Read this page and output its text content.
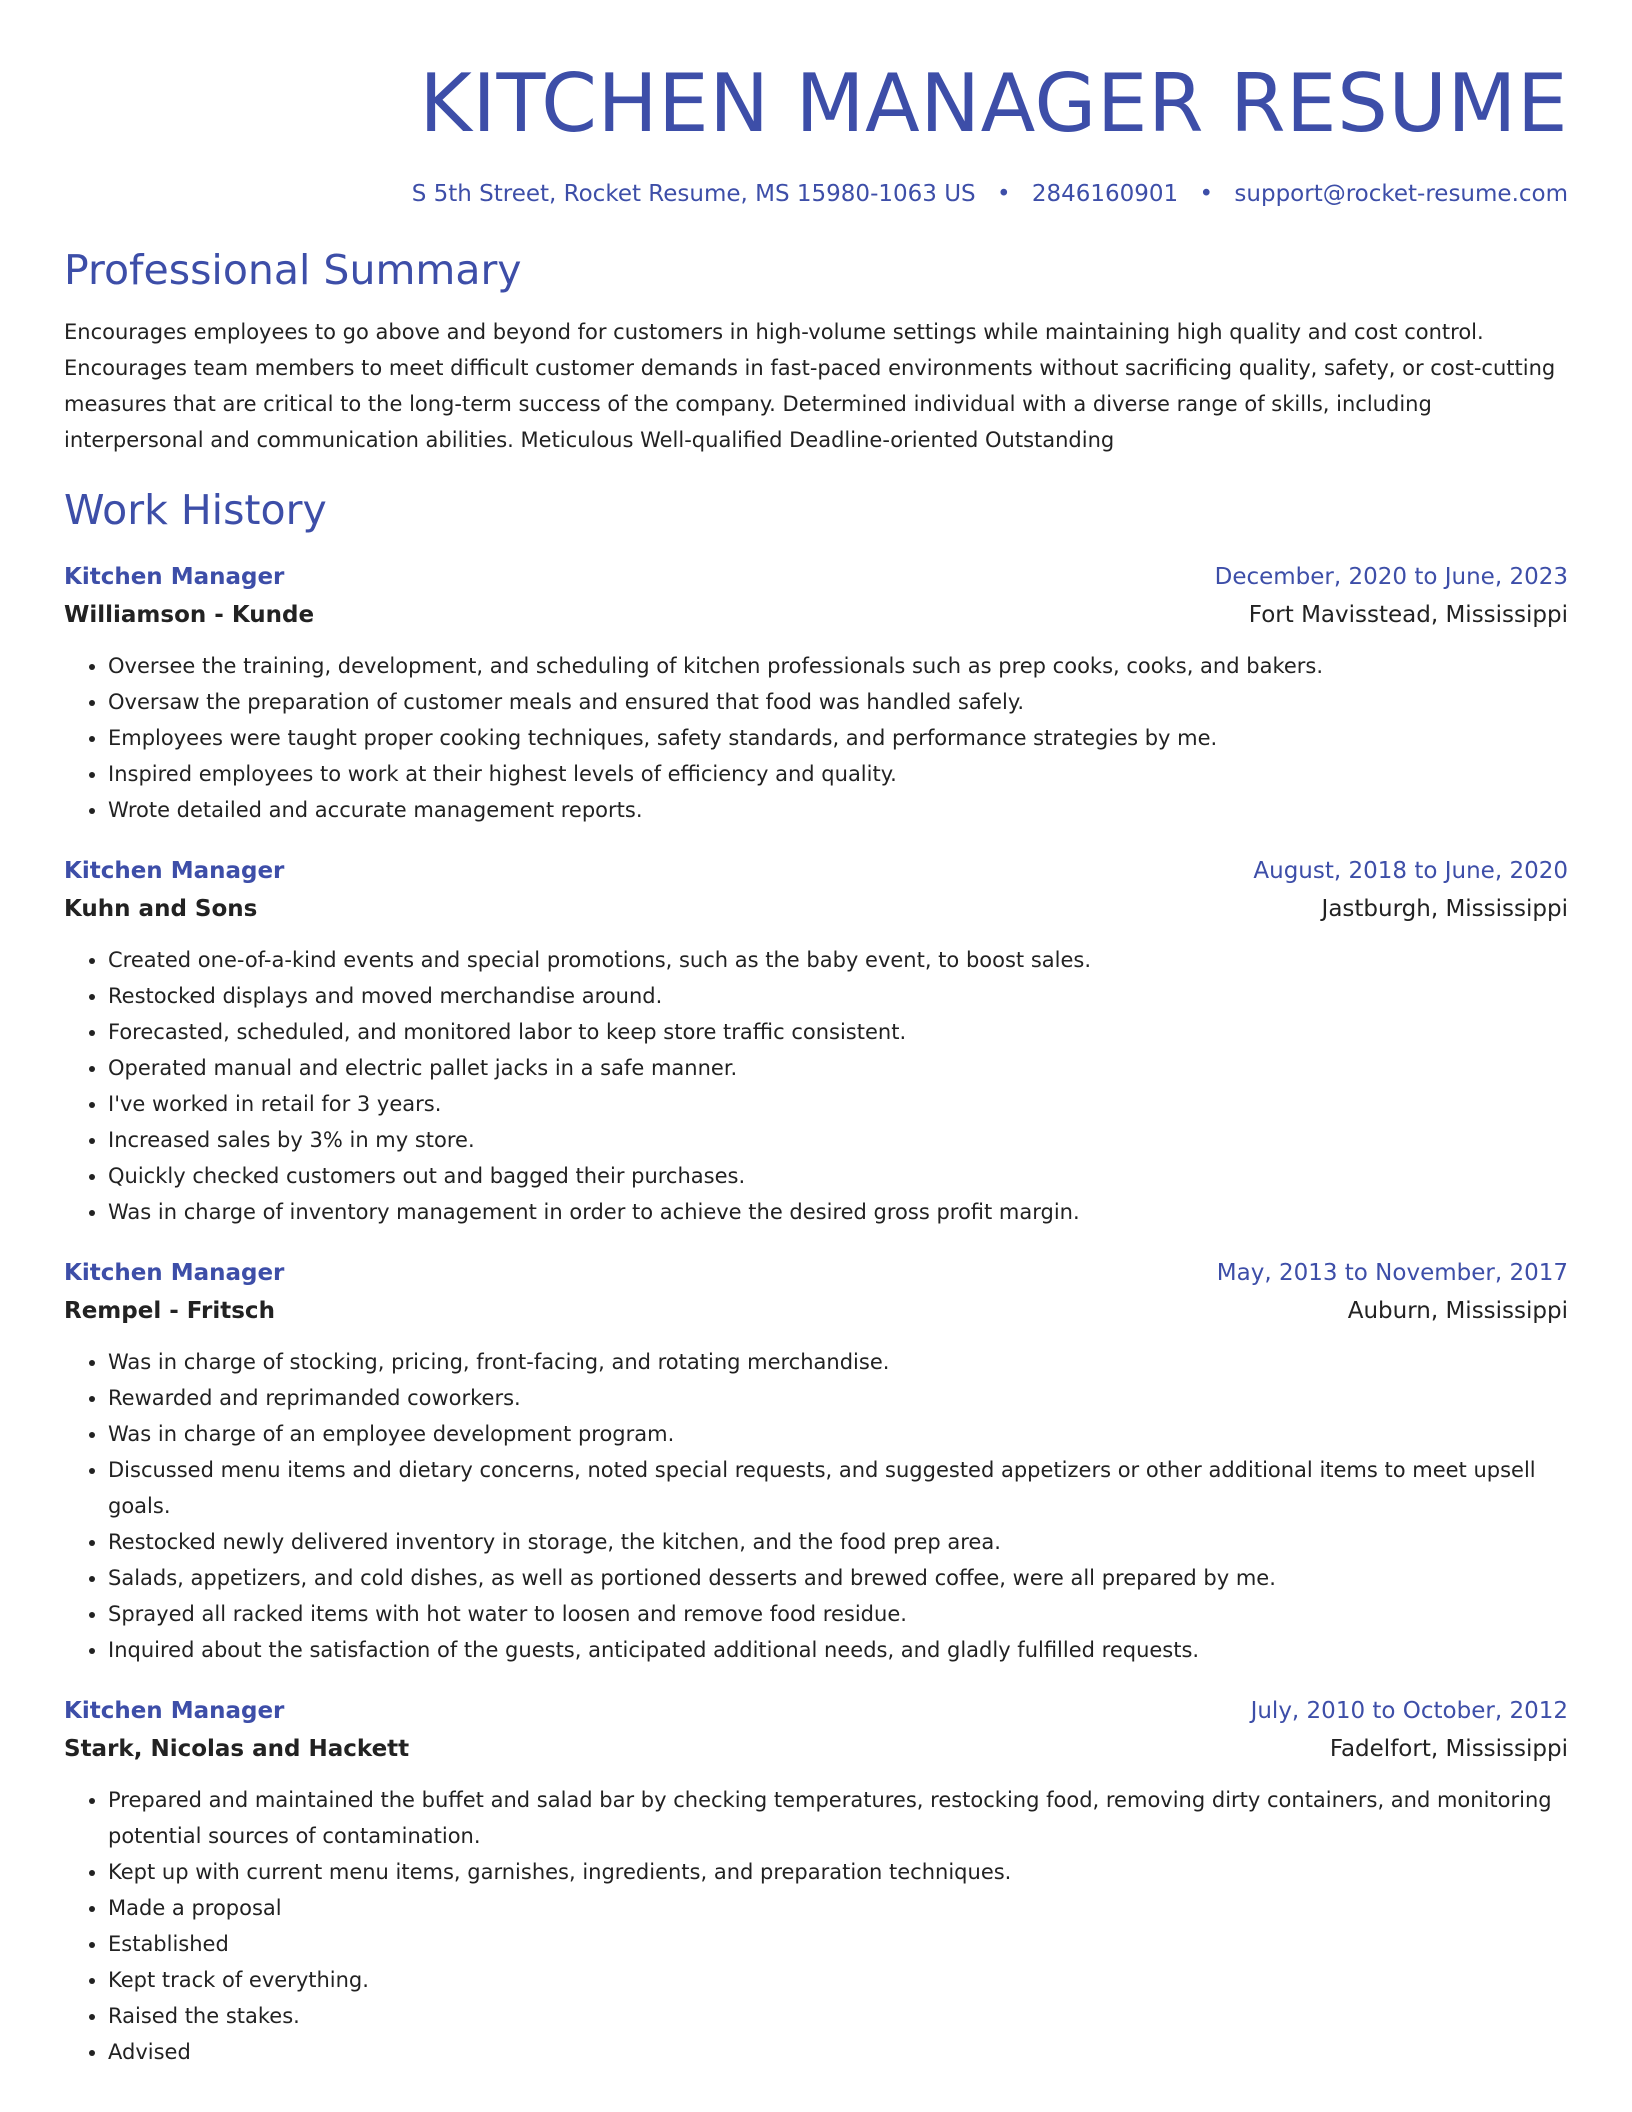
KITCHEN MANAGER RESUME
S 5th Street, Rocket Resume, MS 15980-1063 US • 2846160901 • support@rocket-resume.com
Professional Summary
Encourages employees to go above and beyond for customers in high-volume settings while maintaining high quality and cost control. Encourages team members to meet difficult customer demands in fast-paced environments without sacrificing quality, safety, or cost-cutting measures that are critical to the long-term success of the company. Determined individual with a diverse range of skills, including interpersonal and communication abilities. Meticulous Well-qualified Deadline-oriented Outstanding
Work History
Kitchen Manager	December, 2020 to June, 2023
Williamson - Kunde	Fort Mavisstead, Mississippi
• Oversee the training, development, and scheduling of kitchen professionals such as prep cooks, cooks, and bakers.
• Oversaw the preparation of customer meals and ensured that food was handled safely.
• Employees were taught proper cooking techniques, safety standards, and performance strategies by me.
• Inspired employees to work at their highest levels of efficiency and quality.
• Wrote detailed and accurate management reports.
Kitchen Manager	August, 2018 to June, 2020
Kuhn and Sons	Jastburgh, Mississippi
• Created one-of-a-kind events and special promotions, such as the baby event, to boost sales.
• Restocked displays and moved merchandise around.
• Forecasted, scheduled, and monitored labor to keep store traffic consistent.
• Operated manual and electric pallet jacks in a safe manner.
• I've worked in retail for 3 years.
• Increased sales by 3% in my store.
• Quickly checked customers out and bagged their purchases.
• Was in charge of inventory management in order to achieve the desired gross profit margin.
Kitchen Manager	May, 2013 to November, 2017
Rempel - Fritsch	Auburn, Mississippi
• Was in charge of stocking, pricing, front-facing, and rotating merchandise.
• Rewarded and reprimanded coworkers.
• Was in charge of an employee development program.
• Discussed menu items and dietary concerns, noted special requests, and suggested appetizers or other additional items to meet upsell goals.
• Restocked newly delivered inventory in storage, the kitchen, and the food prep area.
• Salads, appetizers, and cold dishes, as well as portioned desserts and brewed coffee, were all prepared by me.
• Sprayed all racked items with hot water to loosen and remove food residue.
• Inquired about the satisfaction of the guests, anticipated additional needs, and gladly fulfilled requests.
Kitchen Manager	July, 2010 to October, 2012
Stark, Nicolas and Hackett	Fadelfort, Mississippi
• Prepared and maintained the buffet and salad bar by checking temperatures, restocking food, removing dirty containers, and monitoring potential sources of contamination.
• Kept up with current menu items, garnishes, ingredients, and preparation techniques.
• Made a proposal
• Established
• Kept track of everything.
• Raised the stakes.
• Advised
